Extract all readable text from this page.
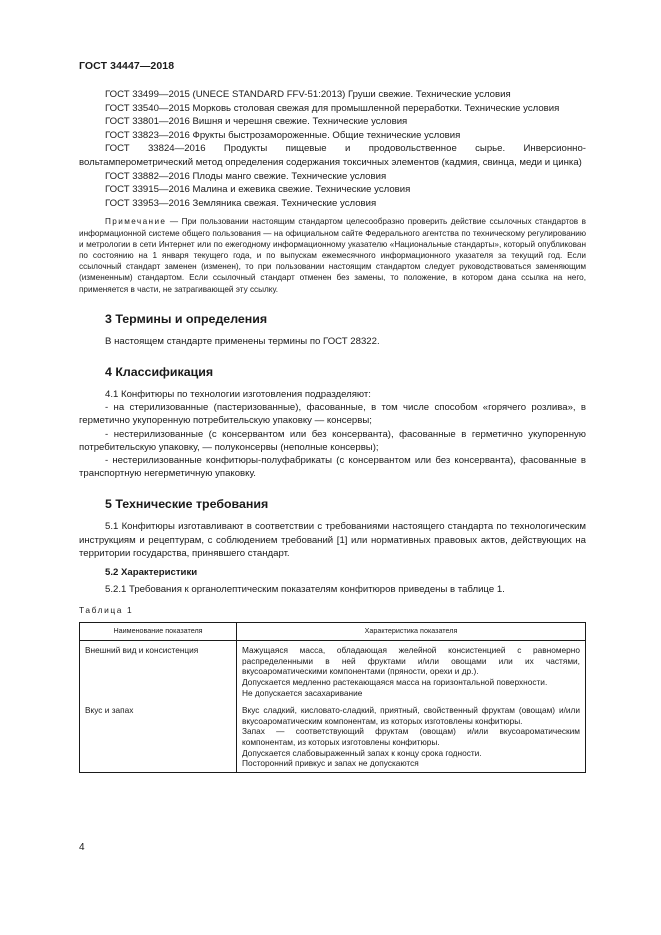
ГОСТ 34447—2018

ГОСТ 33499—2015 (UNECE STANDARD FFV-51:2013) Груши свежие. Технические условия

ГОСТ 33540—2015 Морковь столовая свежая для промышленной переработки. Технические условия

ГОСТ 33801—2016 Вишня и черешня свежие. Технические условия

ГОСТ 33823—2016 Фрукты быстрозамороженные. Общие технические условия

ГОСТ 33824—2016 Продукты пищевые и продовольственное сырье. Инверсионно-вольтамперометрический метод определения содержания токсичных элементов (кадмия, свинца, меди и цинка)

ГОСТ 33882—2016 Плоды манго свежие. Технические условия

ГОСТ 33915—2016 Малина и ежевика свежие. Технические условия

ГОСТ 33953—2016 Земляника свежая. Технические условия

Примечание — При пользовании настоящим стандартом целесообразно проверить действие ссылочных стандартов в информационной системе общего пользования — на официальном сайте Федерального агентства по техническому регулированию и метрологии в сети Интернет или по ежегодному информационному указателю «Национальные стандарты», который опубликован по состоянию на 1 января текущего года, и по выпускам ежемесячного информационного указателя за текущий год. Если ссылочный стандарт заменен (изменен), то при пользовании настоящим стандартом следует руководствоваться заменяющим (измененным) стандартом. Если ссылочный стандарт отменен без замены, то положение, в котором дана ссылка на него, применяется в части, не затрагивающей эту ссылку.

3 Термины и определения

В настоящем стандарте применены термины по ГОСТ 28322.

4 Классификация

4.1 Конфитюры по технологии изготовления подразделяют:

- на стерилизованные (пастеризованные), фасованные, в том числе способом «горячего розлива», в герметично укупоренную потребительскую упаковку — консервы;

- нестерилизованные (с консервантом или без консерванта), фасованные в герметично укупоренную потребительскую упаковку, — полуконсервы (неполные консервы);

- нестерилизованные конфитюры-полуфабрикаты (с консервантом или без консерванта), фасованные в транспортную негерметичную упаковку.

5 Технические требования

5.1 Конфитюры изготавливают в соответствии с требованиями настоящего стандарта по технологическим инструкциям и рецептурам, с соблюдением требований [1] или нормативных правовых актов, действующих на территории государства, принявшего стандарт.

5.2 Характеристики

5.2.1 Требования к органолептическим показателям конфитюров приведены в таблице 1.

Таблица 1
Наименование показателя	Характеристика показателя
Внешний вид и консистенция	Мажущаяся масса, обладающая желейной консистенцией с равномерно распределенными в ней фруктами и/или овощами или их частями, вкусоароматическими компонентами (пряности, орехи и др.).
Допускается медленно растекающаяся масса на горизонтальной поверхности.
Не допускается засахаривание

Вкус и запах	Вкус сладкий, кисловато-сладкий, приятный, свойственный фруктам (овощам) и/или вкусоароматическим компонентам, из которых изготовлены конфитюры.
Запах — соответствующий фруктам (овощам) и/или вкусоароматическим компонентам, из которых изготовлены конфитюры.
Допускается слабовыраженный запах к концу срока годности.
Посторонний привкус и запах не допускаются
4
